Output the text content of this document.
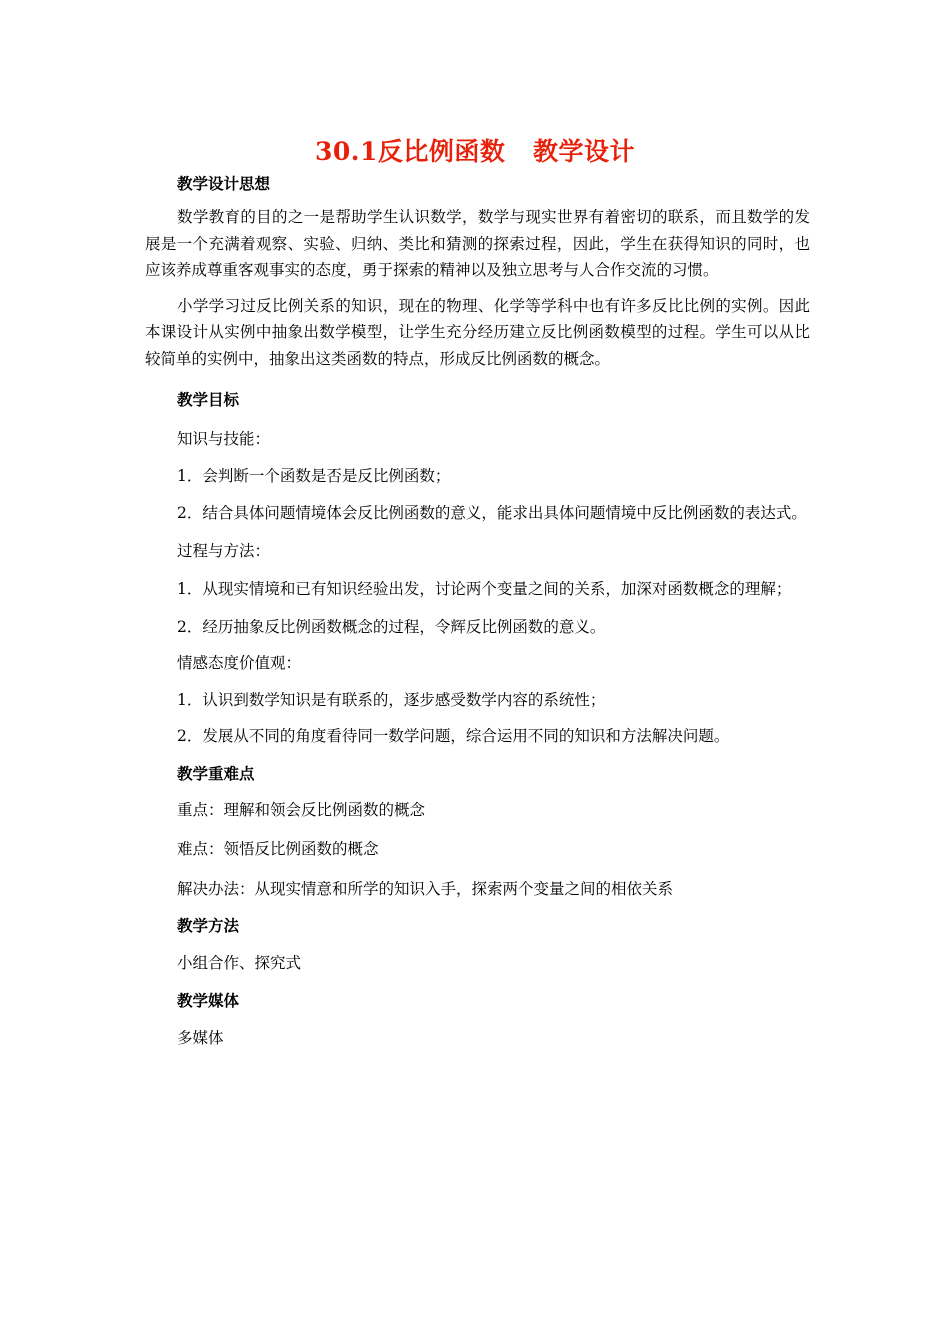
30.1反比例函数   教学设计
教学设计思想

数学教育的目的之一是帮助学生认识数学，数学与现实世界有着密切的联系，而且数学的发展是一个充满着观察、实验、归纳、类比和猜测的探索过程，因此，学生在获得知识的同时，也应该养成尊重客观事实的态度，勇于探索的精神以及独立思考与人合作交流的习惯。

小学学习过反比例关系的知识，现在的物理、化学等学科中也有许多反比比例的实例。因此本课设计从实例中抽象出数学模型，让学生充分经历建立反比例函数模型的过程。学生可以从比较简单的实例中，抽象出这类函数的特点，形成反比例函数的概念。

教学目标

知识与技能：

1．会判断一个函数是否是反比例函数；

2．结合具体问题情境体会反比例函数的意义，能求出具体问题情境中反比例函数的表达式。

过程与方法：

1．从现实情境和已有知识经验出发，讨论两个变量之间的关系，加深对函数概念的理解；

2．经历抽象反比例函数概念的过程，令辉反比例函数的意义。

情感态度价值观：

1．认识到数学知识是有联系的，逐步感受数学内容的系统性；

2．发展从不同的角度看待同一数学问题，综合运用不同的知识和方法解决问题。

教学重难点

重点：理解和领会反比例函数的概念

难点：领悟反比例函数的概念

解决办法：从现实情意和所学的知识入手，探索两个变量之间的相依关系

教学方法

小组合作、探究式

教学媒体

多媒体
